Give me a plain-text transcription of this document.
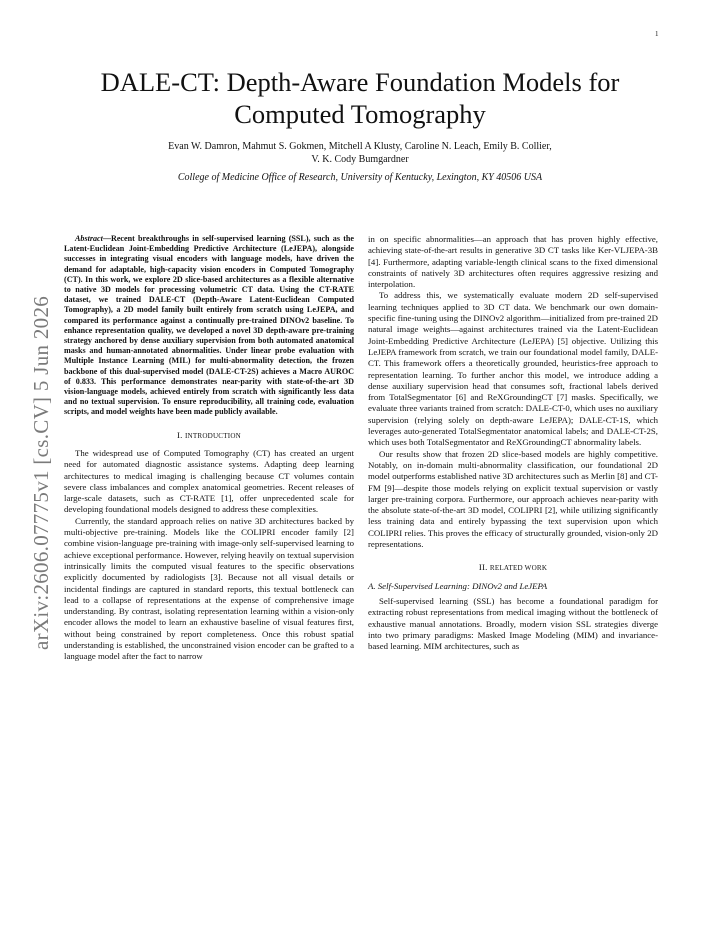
1
arXiv:2606.07775v1 [cs.CV] 5 Jun 2026
DALE-CT: Depth-Aware Foundation Models for
Computed Tomography
Evan W. Damron, Mahmut S. Gokmen, Mitchell A Klusty, Caroline N. Leach, Emily B. Collier,
V. K. Cody Bumgardner
College of Medicine Office of Research, University of Kentucky, Lexington, KY 40506 USA

Abstract—Recent breakthroughs in self-supervised learning (SSL), such as the Latent-Euclidean Joint-Embedding Predictive Architecture (LeJEPA), alongside successes in integrating visual encoders with language models, have driven the demand for adaptable, high-capacity vision encoders in Computed Tomography (CT). In this work, we explore 2D slice-based architectures as a flexible alternative to native 3D models for processing volumetric CT data. Using the CT-RATE dataset, we trained DALE-CT (Depth-Aware Latent-Euclidean Computed Tomography), a 2D model family built entirely from scratch using LeJEPA, and compared its performance against a continually pre-trained DINOv2 baseline. To enhance representation quality, we developed a novel 3D depth-aware pre-training strategy anchored by dense auxiliary supervision from both automated anatomical masks and human-annotated abnormalities. Under linear probe evaluation with Multiple Instance Learning (MIL) for multi-abnormality detection, the frozen backbone of this dual-supervised model (DALE-CT-2S) achieves a Macro AUROC of 0.833. This performance demonstrates near-parity with state-of-the-art 3D vision-language models, achieved entirely from scratch with significantly less data and no textual supervision. To ensure reproducibility, all training code, evaluation scripts, and model weights have been made publicly available.

I. INTRODUCTION

The widespread use of Computed Tomography (CT) has created an urgent need for automated diagnostic assistance systems. Adapting deep learning architectures to medical imaging is challenging because CT volumes contain severe class imbalances and complex anatomical geometries. Recent releases of large-scale datasets, such as CT-RATE [1], offer unprecedented scale for developing foundational models designed to address these complexities.

Currently, the standard approach relies on native 3D architectures backed by multi-objective pre-training. Models like the COLIPRI encoder family [2] combine vision-language pre-training with image-only self-supervised learning to achieve exceptional performance. However, relying heavily on textual supervision intrinsically limits the computed visual features to the specific observations explicitly documented by radiologists [3]. Because not all visual details or incidental findings are captured in standard reports, this textual bottleneck can lead to a collapse of representations at the expense of comprehensive image understanding. By contrast, isolating representation learning within a vision-only encoder allows the model to learn an exhaustive baseline of visual features first, without being constrained by report completeness. Once this robust spatial understanding is established, the unconstrained vision encoder can be grafted to a language model after the fact to narrow

in on specific abnormalities—an approach that has proven highly effective, achieving state-of-the-art results in generative 3D CT tasks like Ker-VLJEPA-3B [4]. Furthermore, adapting variable-length clinical scans to the fixed dimensional constraints of natively 3D architectures often requires aggressive resizing and interpolation.

To address this, we systematically evaluate modern 2D self-supervised learning techniques applied to 3D CT data. We benchmark our own domain-specific fine-tuning using the DINOv2 algorithm—initialized from pre-trained 2D natural image weights—against architectures trained via the Latent-Euclidean Joint-Embedding Predictive Architecture (LeJEPA) [5] objective. Utilizing this LeJEPA framework from scratch, we train our foundational model family, DALE-CT. This framework offers a theoretically grounded, heuristics-free approach to representation learning. To further anchor this model, we introduce adding a dense auxiliary supervision head that consumes soft, fractional labels derived from TotalSegmentator [6] and ReXGroundingCT [7] masks. Specifically, we evaluate three variants trained from scratch: DALE-CT-0, which uses no auxiliary supervision (relying solely on depth-aware LeJEPA); DALE-CT-1S, which leverages auto-generated TotalSegmentator anatomical labels; and DALE-CT-2S, which uses both TotalSegmentator and ReXGroundingCT abnormality labels.

Our results show that frozen 2D slice-based models are highly competitive. Notably, on in-domain multi-abnormality classification, our foundational 2D model outperforms established native 3D architectures such as Merlin [8] and CT-FM [9]—despite those models relying on explicit textual supervision or vastly larger pre-training corpora. Furthermore, our approach achieves near-parity with the absolute state-of-the-art 3D model, COLIPRI [2], while utilizing significantly less training data and entirely bypassing the text supervision upon which COLIPRI relies. This proves the efficacy of structurally grounded, vision-only 2D representations.

II. RELATED WORK
A. Self-Supervised Learning: DINOv2 and LeJEPA

Self-supervised learning (SSL) has become a foundational paradigm for extracting robust representations from medical imaging without the bottleneck of exhaustive manual annotations. Broadly, modern vision SSL strategies diverge into two primary paradigms: Masked Image Modeling (MIM) and invariance-based learning. MIM architectures, such as
